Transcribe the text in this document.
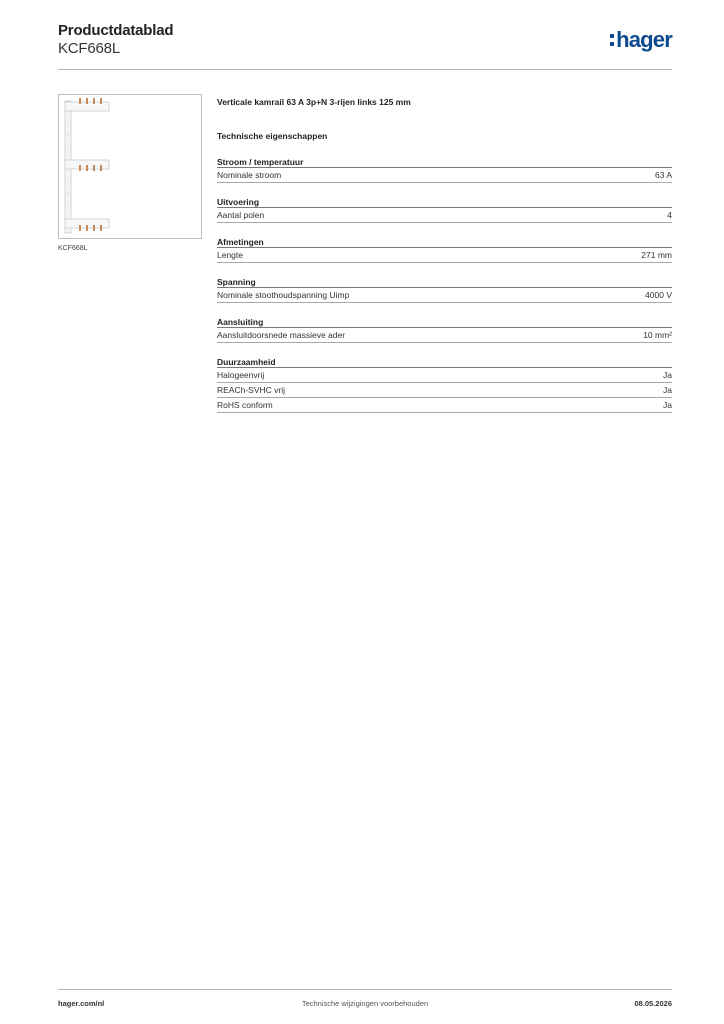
Productdatablad
KCF668L	hager
KCF668L
Verticale kamrail 63 A 3p+N 3-rijen links 125 mm
Technische eigenschappen
Stroom / temperatuur
Nominale stroom	63 A
Uitvoering
Aantal polen	4
Afmetingen
Lengte	271 mm
Spanning
Nominale stoothoudspanning Uimp	4000 V
Aansluiting
Aansluitdoorsnede massieve ader	10 mm²
Duurzaamheid
Halogeenvrij	Ja
REACh-SVHC vrij	Ja
RoHS conform	Ja
hager.com/nl	Technische wijzigingen voorbehouden	08.05.2026
